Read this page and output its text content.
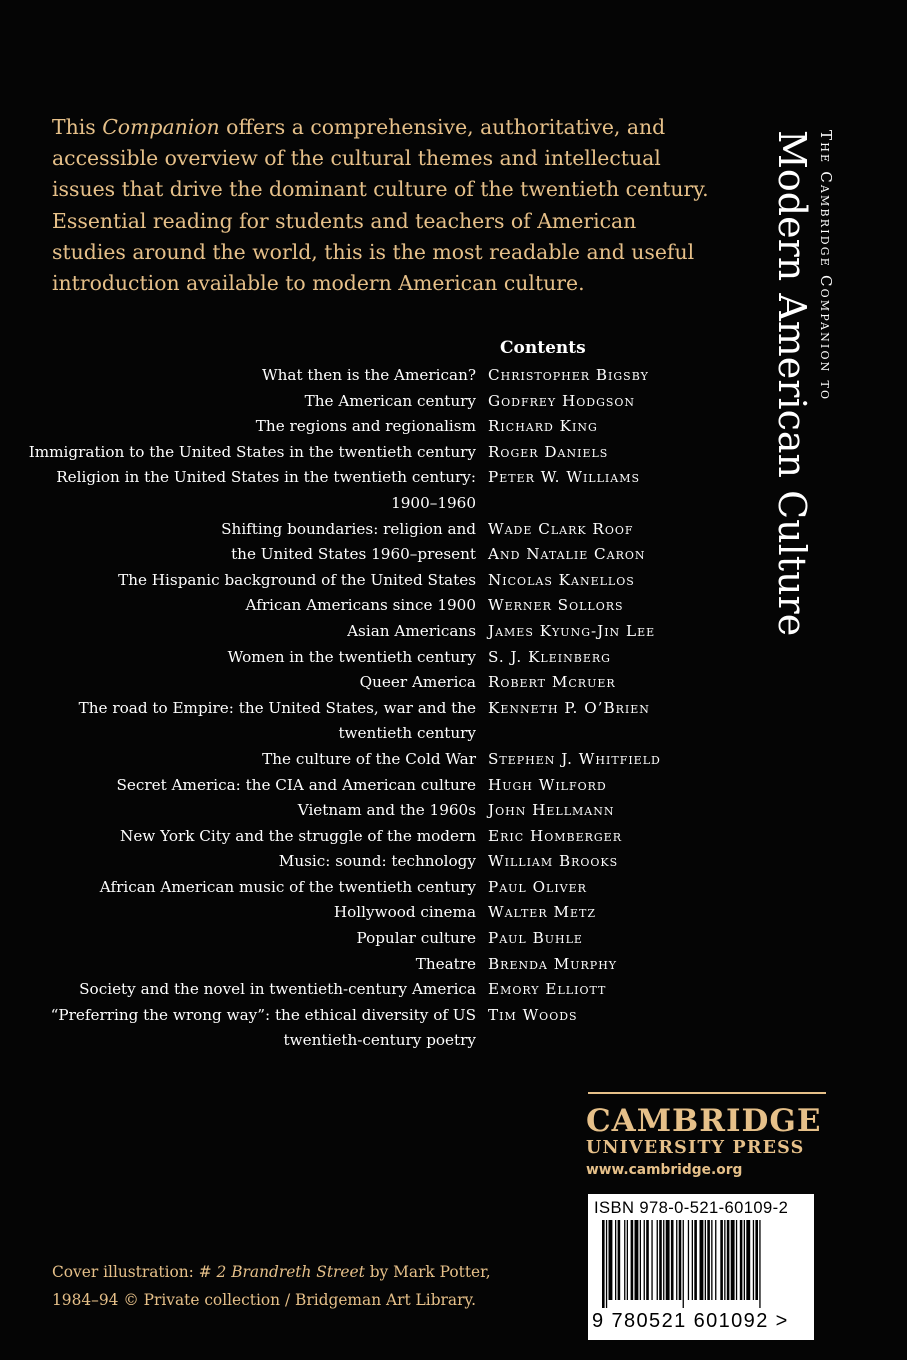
This Companion offers a comprehensive, authoritative, and accessible overview of the cultural themes and intellectual issues that drive the dominant culture of the twentieth century. Essential reading for students and teachers of American studies around the world, this is the most readable and useful introduction available to modern American culture.	The Cambridge Companion to
Modern American Culture
Contents
What then is the American? Christopher Bigsby
The American century Godfrey Hodgson
The regions and regionalism Richard King
Immigration to the United States in the twentieth century Roger Daniels
Religion in the United States in the twentieth century: Peter W. Williams
1900–1960
Shifting boundaries: religion and Wade Clark Roof
the United States 1960–present And Natalie Caron
The Hispanic background of the United States Nicolas Kanellos
African Americans since 1900 Werner Sollors
Asian Americans James Kyung-Jin Lee
Women in the twentieth century S. J. Kleinberg
Queer America Robert Mcruer
The road to Empire: the United States, war and the Kenneth P. O’Brien
twentieth century
The culture of the Cold War Stephen J. Whitfield
Secret America: the CIA and American culture Hugh Wilford
Vietnam and the 1960s John Hellmann
New York City and the struggle of the modern Eric Homberger
Music: sound: technology William Brooks
African American music of the twentieth century Paul Oliver
Hollywood cinema Walter Metz
Popular culture Paul Buhle
Theatre Brenda Murphy
Society and the novel in twentieth-century America Emory Elliott
“Preferring the wrong way”: the ethical diversity of US Tim Woods
twentieth-century poetry
CAMBRIDGE
UNIVERSITY PRESS
www.cambridge.org
ISBN 978-0-521-60109-2
9 780521 601092 >
Cover illustration: # 2 Brandreth Street by Mark Potter,
1984–94 © Private collection / Bridgeman Art Library.
